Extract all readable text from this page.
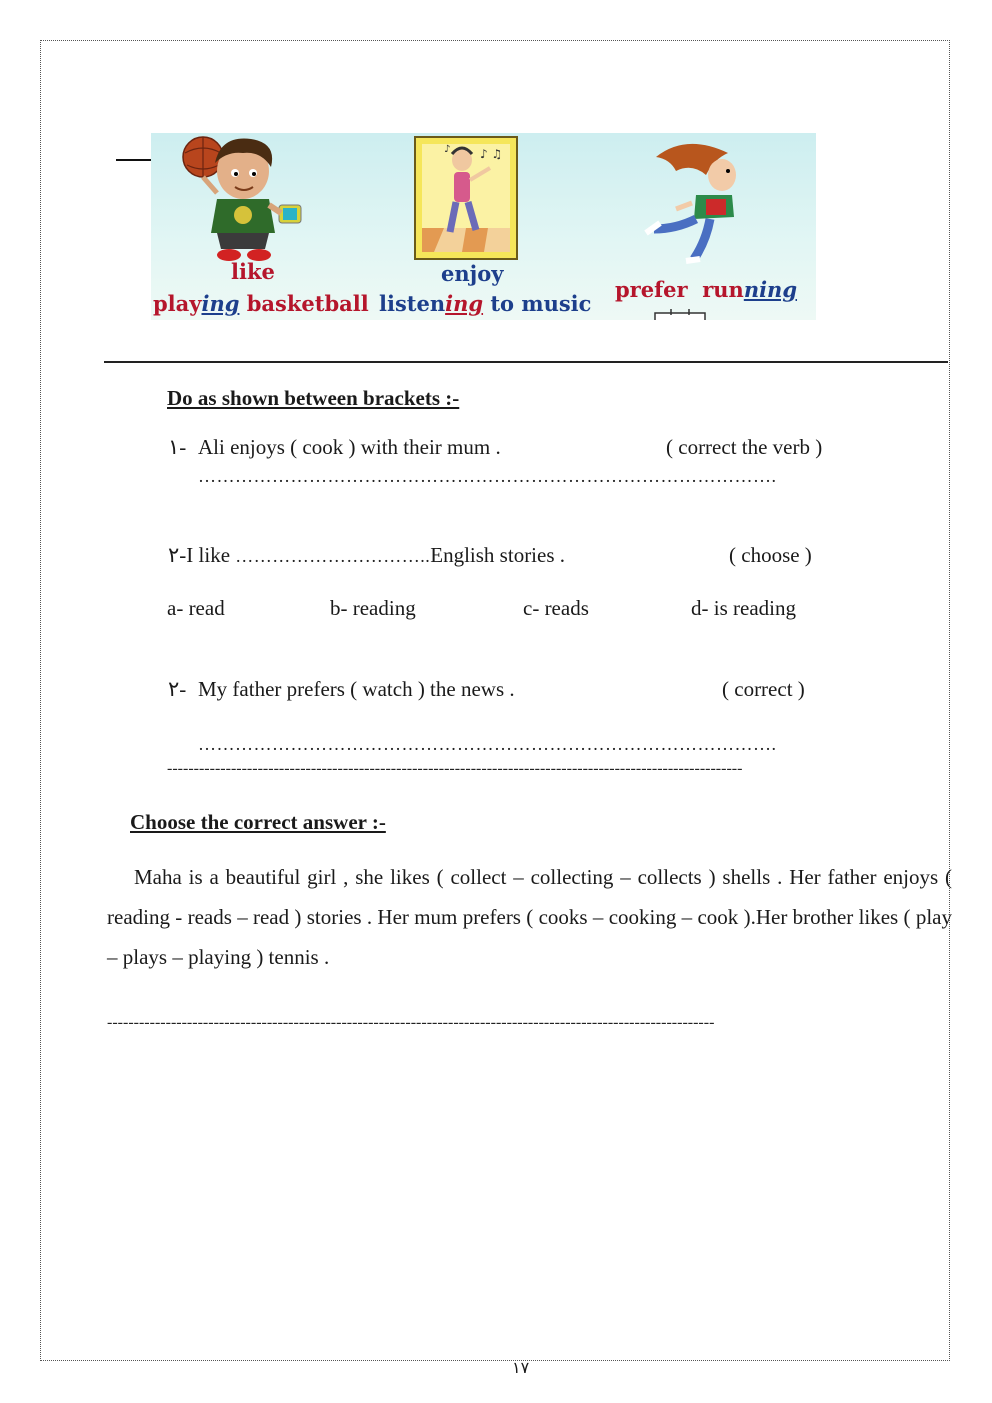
♪ ♫
♪
like
playing basketball
enjoy
listening to music
prefer running
Do as shown between brackets :-
١- Ali enjoys ( cook ) with their mum .	( correct the verb )
………………………………………………………………………………….
٢-I like …………………………..English stories .	( choose )
a- read	b- reading	c- reads	d- is reading
٢- My father prefers ( watch ) the news .	( correct )
………………………………………………………………………………….
------------------------------------------------------------------------------------------------------------
Choose the correct answer :-
Maha is a beautiful girl , she likes ( collect – collecting – collects ) shells . Her father enjoys ( reading - reads – read ) stories . Her mum prefers ( cooks – cooking – cook ).Her brother likes ( play – plays – playing ) tennis .
------------------------------------------------------------------------------------------------------------------
١٧
